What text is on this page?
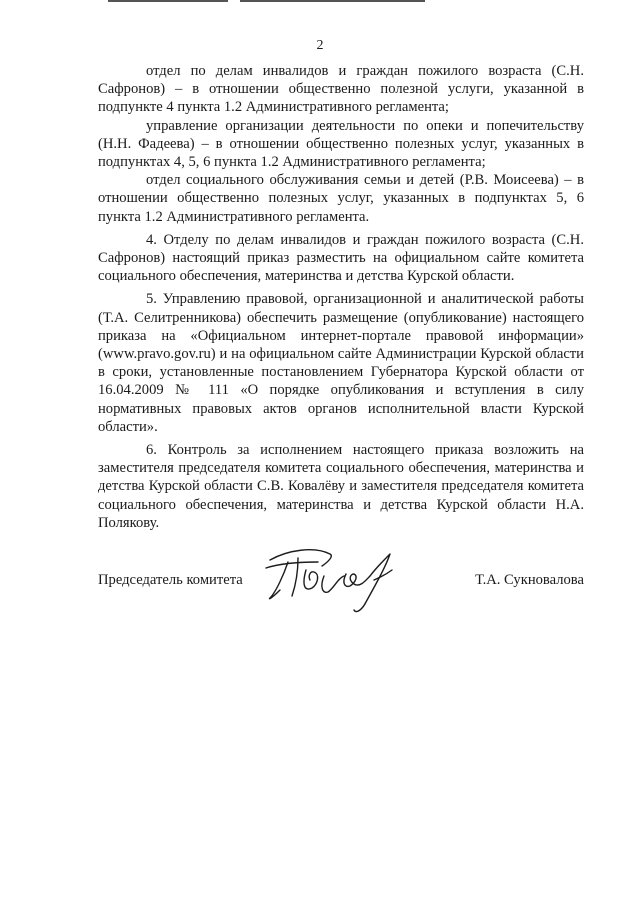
2

отдел по делам инвалидов и граждан пожилого возраста (С.Н. Сафронов) – в отношении общественно полезной услуги, указанной в подпункте 4 пункта 1.2 Административного регламента;

управление организации деятельности по опеки и попечительству (Н.Н. Фадеева) – в отношении общественно полезных услуг, указанных в подпунктах 4, 5, 6 пункта 1.2 Административного регламента;

отдел социального обслуживания семьи и детей (Р.В. Моисеева) – в отношении общественно полезных услуг, указанных в подпунктах 5, 6 пункта 1.2 Административного регламента.

4. Отделу по делам инвалидов и граждан пожилого возраста (С.Н. Сафронов) настоящий приказ разместить на официальном сайте комитета социального обеспечения, материнства и детства Курской области.

5. Управлению правовой, организационной и аналитической работы (Т.А. Селитренникова) обеспечить размещение (опубликование) настоящего приказа на «Официальном интернет-портале правовой информации» (www.pravo.gov.ru) и на официальном сайте Администрации Курской области в сроки, установленные постановлением Губернатора Курской области от 16.04.2009 № 111 «О порядке опубликования и вступления в силу нормативных правовых актов органов исполнительной власти Курской области».

6. Контроль за исполнением настоящего приказа возложить на заместителя председателя комитета социального обеспечения, материнства и детства Курской области С.В. Ковалёву и заместителя председателя комитета социального обеспечения, материнства и детства Курской области Н.А. Полякову.

Председатель комитета	Т.А. Сукновалова
